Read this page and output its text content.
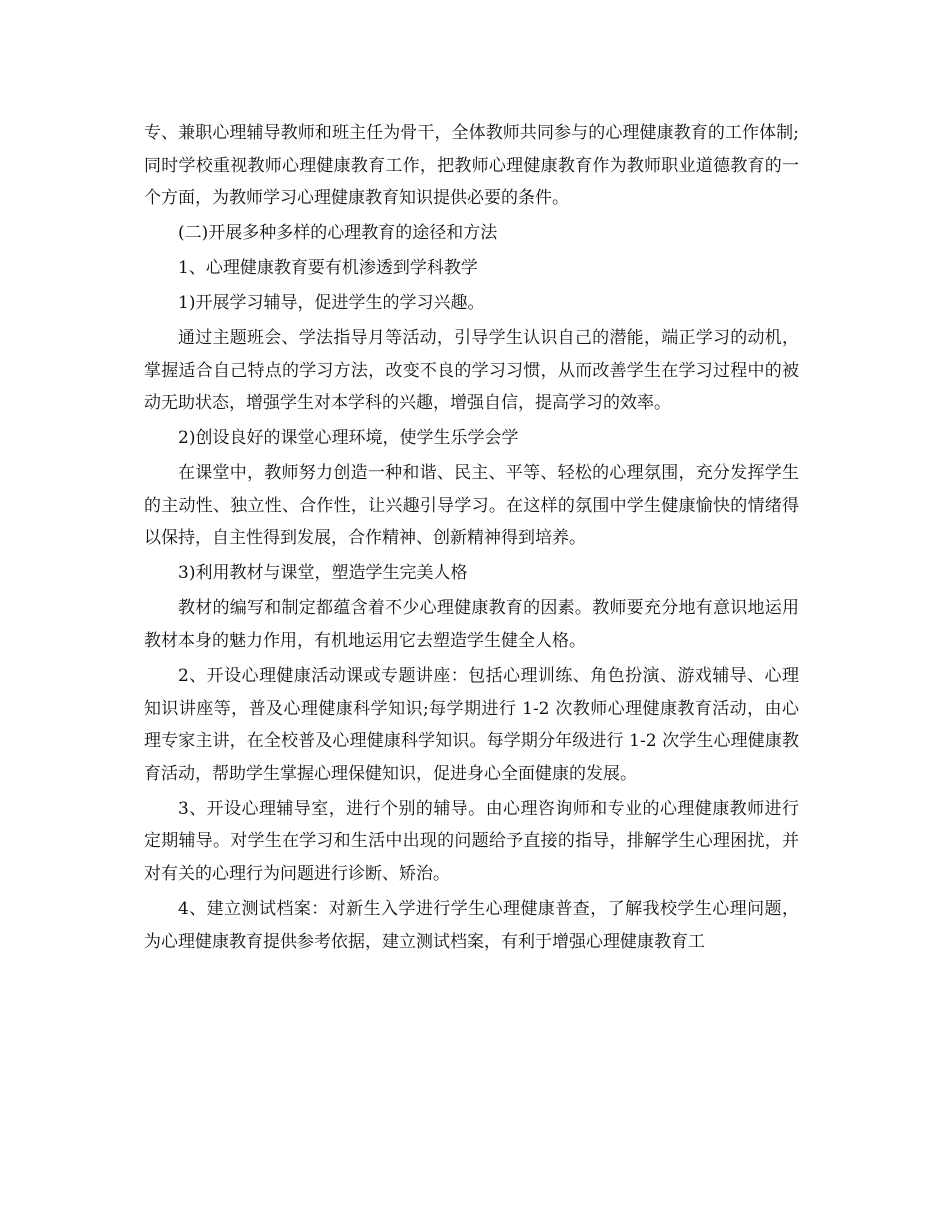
专、兼职心理辅导教师和班主任为骨干，全体教师共同参与的心理健康教育的工作体制;同时学校重视教师心理健康教育工作，把教师心理健康教育作为教师职业道德教育的一个方面，为教师学习心理健康教育知识提供必要的条件。

(二)开展多种多样的心理教育的途径和方法

1、心理健康教育要有机渗透到学科教学

1)开展学习辅导，促进学生的学习兴趣。

通过主题班会、学法指导月等活动，引导学生认识自己的潜能，端正学习的动机，掌握适合自己特点的学习方法，改变不良的学习习惯，从而改善学生在学习过程中的被动无助状态，增强学生对本学科的兴趣，增强自信，提高学习的效率。

2)创设良好的课堂心理环境，使学生乐学会学

在课堂中，教师努力创造一种和谐、民主、平等、轻松的心理氛围，充分发挥学生的主动性、独立性、合作性，让兴趣引导学习。在这样的氛围中学生健康愉快的情绪得以保持，自主性得到发展，合作精神、创新精神得到培养。

3)利用教材与课堂，塑造学生完美人格

教材的编写和制定都蕴含着不少心理健康教育的因素。教师要充分地有意识地运用教材本身的魅力作用，有机地运用它去塑造学生健全人格。

2、开设心理健康活动课或专题讲座：包括心理训练、角色扮演、游戏辅导、心理知识讲座等，普及心理健康科学知识;每学期进行 1-2 次教师心理健康教育活动，由心理专家主讲，在全校普及心理健康科学知识。每学期分年级进行 1-2 次学生心理健康教育活动，帮助学生掌握心理保健知识，促进身心全面健康的发展。

3、开设心理辅导室，进行个别的辅导。由心理咨询师和专业的心理健康教师进行定期辅导。对学生在学习和生活中出现的问题给予直接的指导，排解学生心理困扰，并对有关的心理行为问题进行诊断、矫治。

4、建立测试档案：对新生入学进行学生心理健康普查，了解我校学生心理问题，为心理健康教育提供参考依据，建立测试档案，有利于增强心理健康教育工
